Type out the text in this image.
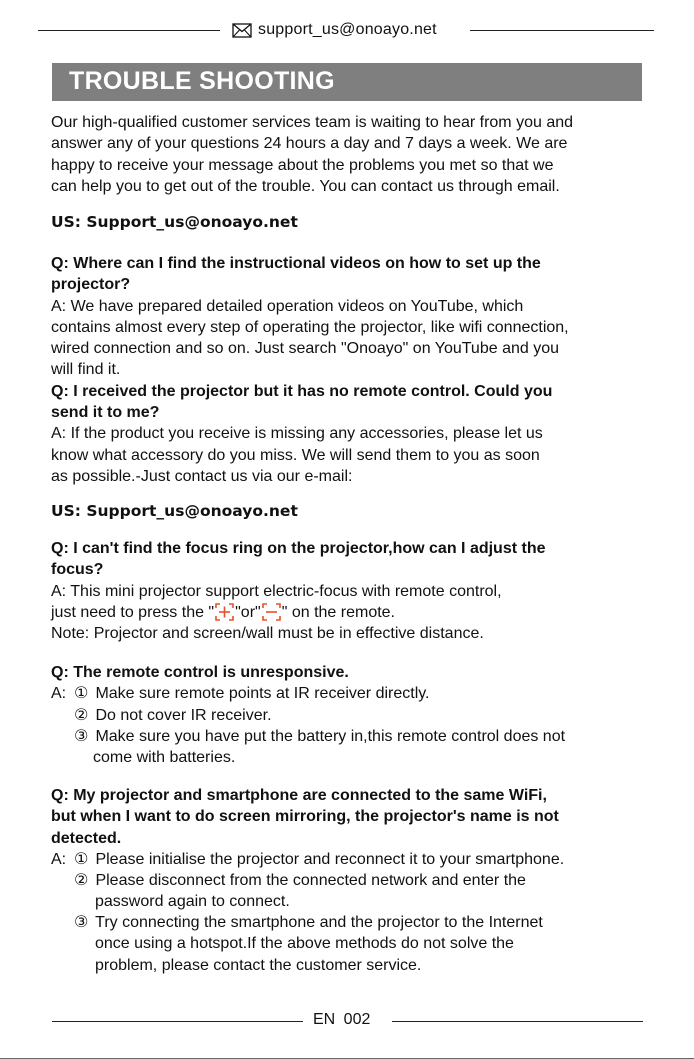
support_us@onoayo.net
TROUBLE SHOOTING
Our high-qualified customer services team is waiting to hear from you and
answer any of your questions 24 hours a day and 7 days a week. We are
happy to receive your message about the problems you met so that we
can help you to get out of the trouble. You can contact us through email.
US: Support_us@onoayo.net
Q: Where can I find the instructional videos on how to set up the
projector?
A: We have prepared detailed operation videos on YouTube, which
contains almost every step of operating the projector, like wifi connection,
wired connection and so on. Just search "Onoayo" on YouTube and you
will find it.
Q: I received the projector but it has no remote control. Could you
send it to me?
A: If the product you receive is missing any accessories, please let us
know what accessory do you miss. We will send them to you as soon
as possible.-Just contact us via our e-mail:
US: Support_us@onoayo.net
Q: I can't find the focus ring on the projector,how can I adjust the
focus?
A: This mini projector support electric-focus with remote control,
just need to press the " "or" " on the remote.
Note: Projector and screen/wall must be in effective distance.
Q: The remote control is unresponsive.
A: ① Make sure remote points at IR receiver directly.
② Do not cover IR receiver.
③ Make sure you have put the battery in,this remote control does not
come with batteries.
Q: My projector and smartphone are connected to the same WiFi,
but when I want to do screen mirroring, the projector's name is not
detected.
A: ① Please initialise the projector and reconnect it to your smartphone.
② Please disconnect from the connected network and enter the
password again to connect.
③ Try connecting the smartphone and the projector to the Internet
once using a hotspot.If the above methods do not solve the
problem, please contact the customer service.
EN 002
